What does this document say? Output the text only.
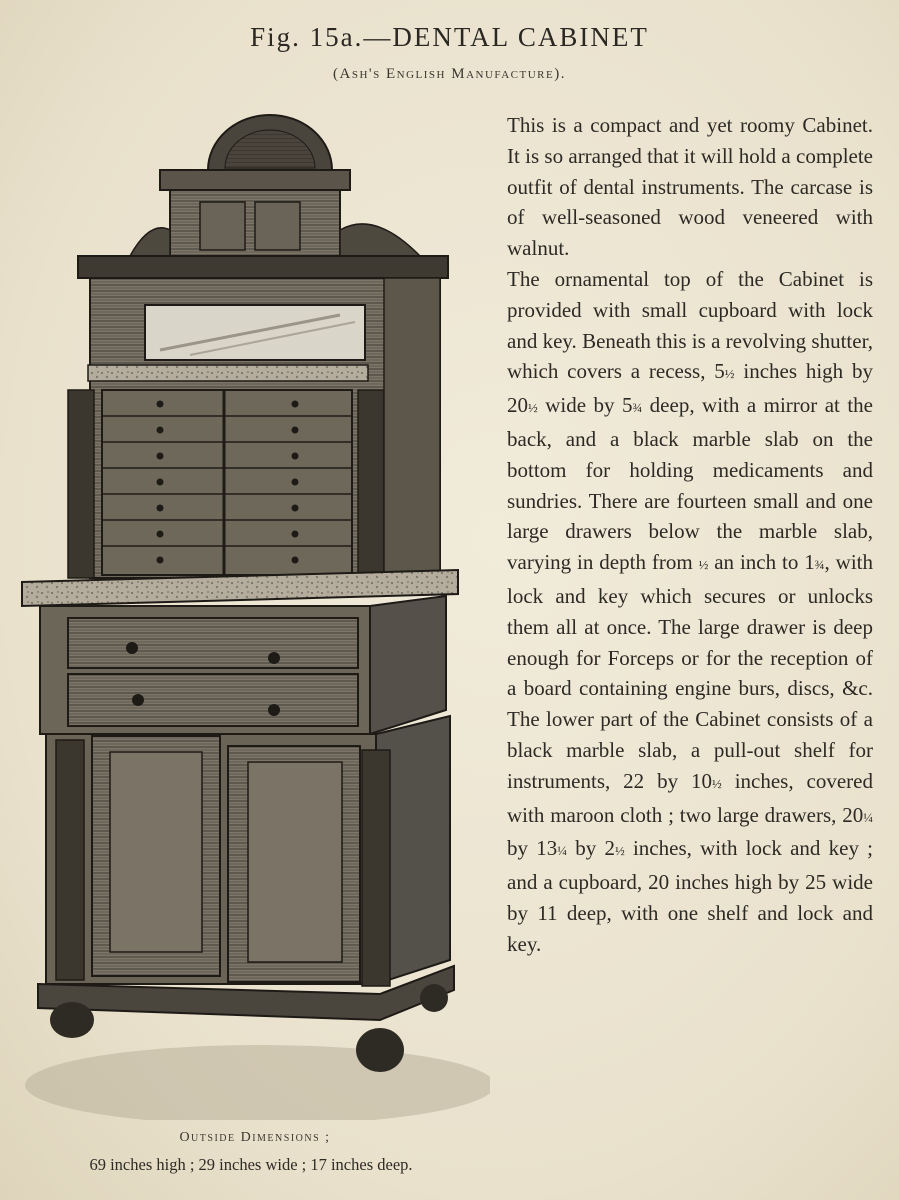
Fig. 15a.—DENTAL CABINET
(Ash's English Manufacture).

This is a compact and yet roomy Cabinet. It is so arranged that it will hold a complete outfit of dental instruments. The carcase is of well-seasoned wood veneered with walnut.

The ornamental top of the Cabinet is provided with small cupboard with lock and key. Beneath this is a revolving shutter, which covers a recess, 5½ inches high by 20½ wide by 5¾ deep, with a mirror at the back, and a black marble slab on the bottom for holding medicaments and sundries. There are fourteen small and one large drawers below the marble slab, varying in depth from ½ an inch to 1¾, with lock and key which secures or unlocks them all at once. The large drawer is deep enough for Forceps or for the reception of a board containing engine burs, discs, &c.

The lower part of the Cabinet consists of a black marble slab, a pull-out shelf for instruments, 22 by 10½ inches, covered with maroon cloth ; two large drawers, 20¼ by 13¼ by 2½ inches, with lock and key ; and a cupboard, 20 inches high by 25 wide by 11 deep, with one shelf and lock and key.

Outside Dimensions ;
69 inches high ; 29 inches wide ; 17 inches deep.
